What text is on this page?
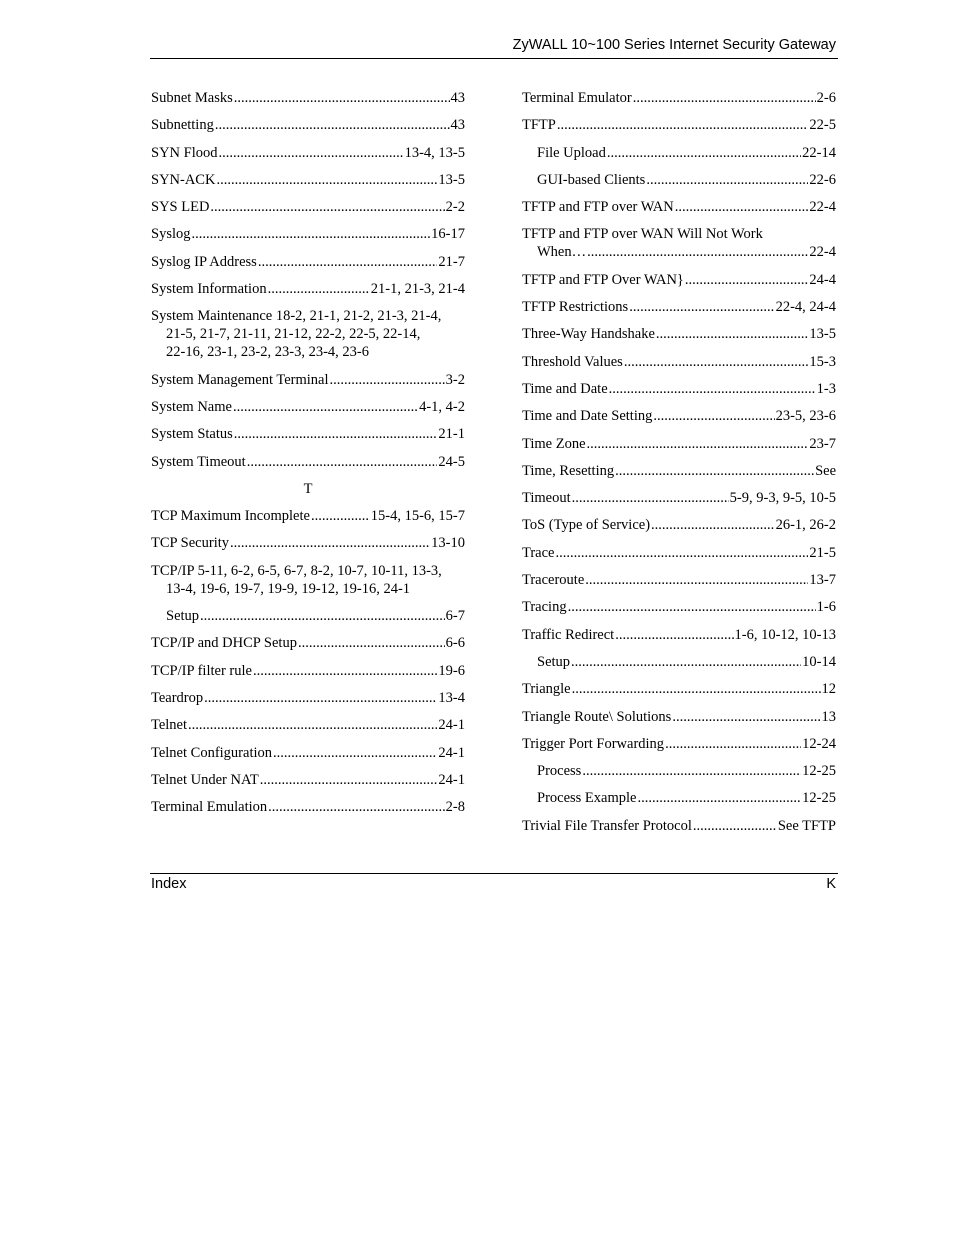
ZyWALL 10~100 Series Internet Security Gateway
Subnet Masks .....	43
Subnetting .....	43
SYN Flood .....	13-4, 13-5
SYN-ACK .....	13-5
SYS LED .....	2-2
Syslog .....	16-17
Syslog IP Address .....	21-7
System Information .....	21-1, 21-3, 21-4
System Maintenance 18-2, 21-1, 21-2, 21-3, 21-4,
21-5, 21-7, 21-11, 21-12, 22-2, 22-5, 22-14,
22-16, 23-1, 23-2, 23-3, 23-4, 23-6
System Management Terminal .....	3-2
System Name .....	4-1, 4-2
System Status .....	21-1
System Timeout .....	24-5
T
TCP Maximum Incomplete .....	15-4, 15-6, 15-7
TCP Security .....	13-10
TCP/IP 5-11, 6-2, 6-5, 6-7, 8-2, 10-7, 10-11, 13-3,
13-4, 19-6, 19-7, 19-9, 19-12, 19-16, 24-1
Setup .....	6-7
TCP/IP and DHCP Setup .....	6-6
TCP/IP filter rule .....	19-6
Teardrop .....	13-4
Telnet .....	24-1
Telnet Configuration .....	24-1
Telnet Under NAT .....	24-1
Terminal Emulation .....	2-8
Terminal Emulator .....	2-6
TFTP .....	22-5
File Upload .....	22-14
GUI-based Clients .....	22-6
TFTP and FTP over WAN .....	22-4
TFTP and FTP over WAN Will Not Work
When… .....	22-4
TFTP and FTP Over WAN} .....	24-4
TFTP Restrictions .....	22-4, 24-4
Three-Way Handshake .....	13-5
Threshold Values .....	15-3
Time and Date .....	1-3
Time and Date Setting .....	23-5, 23-6
Time Zone .....	23-7
Time, Resetting .....	See
Timeout .....	5-9, 9-3, 9-5, 10-5
ToS (Type of Service) .....	26-1, 26-2
Trace .....	21-5
Traceroute .....	13-7
Tracing .....	1-6
Traffic Redirect .....	1-6, 10-12, 10-13
Setup .....	10-14
Triangle .....	12
Triangle Route\ Solutions .....	13
Trigger Port Forwarding .....	12-24
Process .....	12-25
Process Example .....	12-25
Trivial File Transfer Protocol .....	See TFTP
Index	K
